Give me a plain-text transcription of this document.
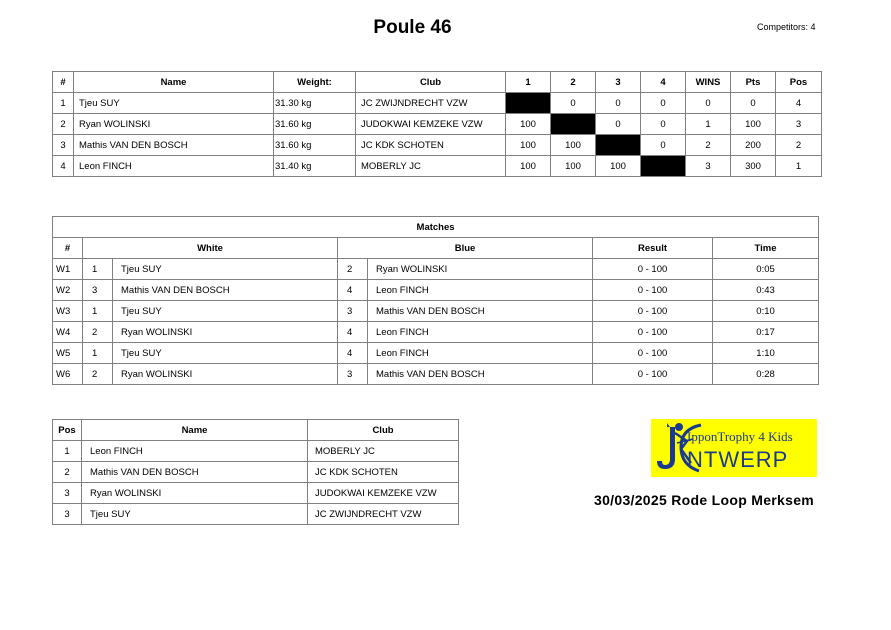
Poule 46	Competitors: 4
#	Name	Weight:	Club	1	2	3	4	WINS	Pts	Pos
1	Tjeu SUY	31.30 kg	JC ZWIJNDRECHT VZW		0	0	0	0	0	4
2	Ryan WOLINSKI	31.60 kg	JUDOKWAI KEMZEKE VZW	100		0	0	1	100	3
3	Mathis VAN DEN BOSCH	31.60 kg	JC KDK SCHOTEN	100	100		0	2	200	2
4	Leon FINCH	31.40 kg	MOBERLY JC	100	100	100		3	300	1
Matches						
#	White		Blue		Result	Time
W1	1	Tjeu SUY	2	Ryan WOLINSKI	0 - 100	0:05
W2	3	Mathis VAN DEN BOSCH	4	Leon FINCH	0 - 100	0:43
W3	1	Tjeu SUY	3	Mathis VAN DEN BOSCH	0 - 100	0:10
W4	2	Ryan WOLINSKI	4	Leon FINCH	0 - 100	0:17
W5	1	Tjeu SUY	4	Leon FINCH	0 - 100	1:10
W6	2	Ryan WOLINSKI	3	Mathis VAN DEN BOSCH	0 - 100	0:28
Pos	Name	Club
1	Leon FINCH	MOBERLY JC
2	Mathis VAN DEN BOSCH	JC KDK SCHOTEN
3	Ryan WOLINSKI	JUDOKWAI KEMZEKE VZW
3	Tjeu SUY	JC ZWIJNDRECHT VZW
IpponTrophy 4 Kids
NTWERP
30/03/2025 Rode Loop Merksem
